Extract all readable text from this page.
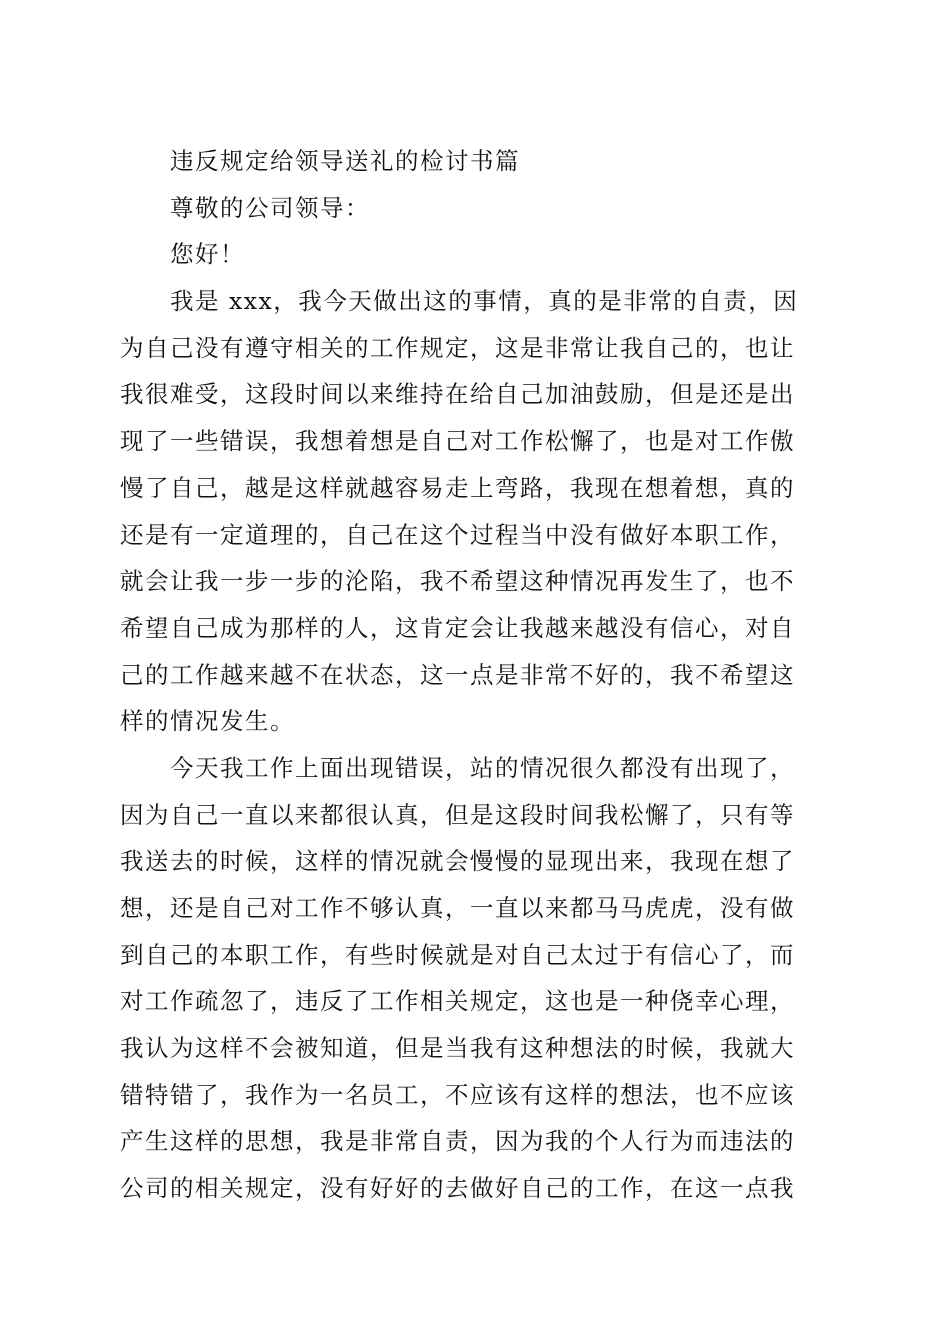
违反规定给领导送礼的检讨书篇
尊敬的公司领导：
您好！
我是 xxx，我今天做出这的事情，真的是非常的自责，因
为自己没有遵守相关的工作规定，这是非常让我自己的，也让
我很难受，这段时间以来维持在给自己加油鼓励，但是还是出
现了一些错误，我想着想是自己对工作松懈了，也是对工作傲
慢了自己，越是这样就越容易走上弯路，我现在想着想，真的
还是有一定道理的，自己在这个过程当中没有做好本职工作，
就会让我一步一步的沦陷，我不希望这种情况再发生了，也不
希望自己成为那样的人，这肯定会让我越来越没有信心，对自
己的工作越来越不在状态，这一点是非常不好的，我不希望这
样的情况发生。
今天我工作上面出现错误，站的情况很久都没有出现了，
因为自己一直以来都很认真，但是这段时间我松懈了，只有等
我送去的时候，这样的情况就会慢慢的显现出来，我现在想了
想，还是自己对工作不够认真，一直以来都马马虎虎，没有做
到自己的本职工作，有些时候就是对自己太过于有信心了，而
对工作疏忽了，违反了工作相关规定，这也是一种侥幸心理，
我认为这样不会被知道，但是当我有这种想法的时候，我就大
错特错了，我作为一名员工，不应该有这样的想法，也不应该
产生这样的思想，我是非常自责，因为我的个人行为而违法的
公司的相关规定，没有好好的去做好自己的工作，在这一点我
